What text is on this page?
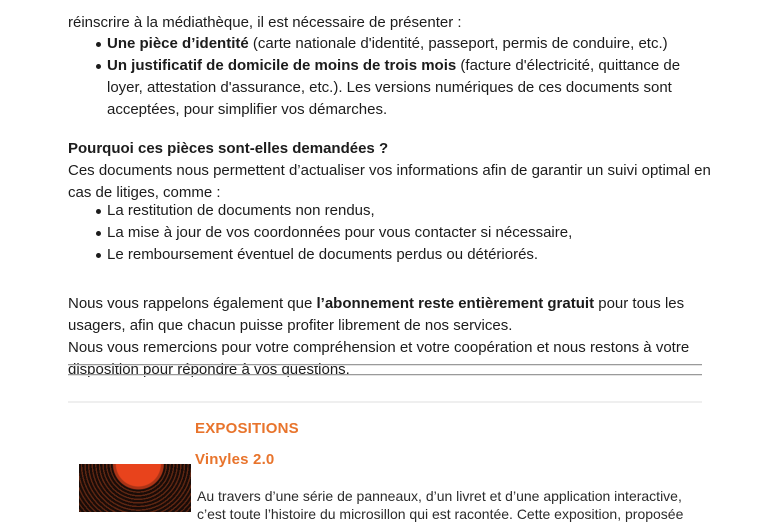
réinscrire à la médiathèque, il est nécessaire de présenter :

Une pièce d’identité (carte nationale d'identité, passeport, permis de conduire, etc.)
Un justificatif de domicile de moins de trois mois (facture d'électricité, quittance de loyer, attestation d'assurance, etc.). Les versions numériques de ces documents sont acceptées, pour simplifier vos démarches.

Pourquoi ces pièces sont-elles demandées ?

Ces documents nous permettent d’actualiser vos informations afin de garantir un suivi optimal en cas de litiges, comme :

La restitution de documents non rendus,
La mise à jour de vos coordonnées pour vous contacter si nécessaire,
Le remboursement éventuel de documents perdus ou détériorés.

Nous vous rappelons également que l’abonnement reste entièrement gratuit pour tous les usagers, afin que chacun puisse profiter librement de nos services.

Nous vous remercions pour votre compréhension et votre coopération et nous restons à votre disposition pour répondre à vos questions.

EXPOSITIONS

Vinyles 2.0

Au travers d’une série de panneaux, d’un livret et d’une application interactive, c’est toute l’histoire du microsillon qui est racontée. Cette exposition, proposée
